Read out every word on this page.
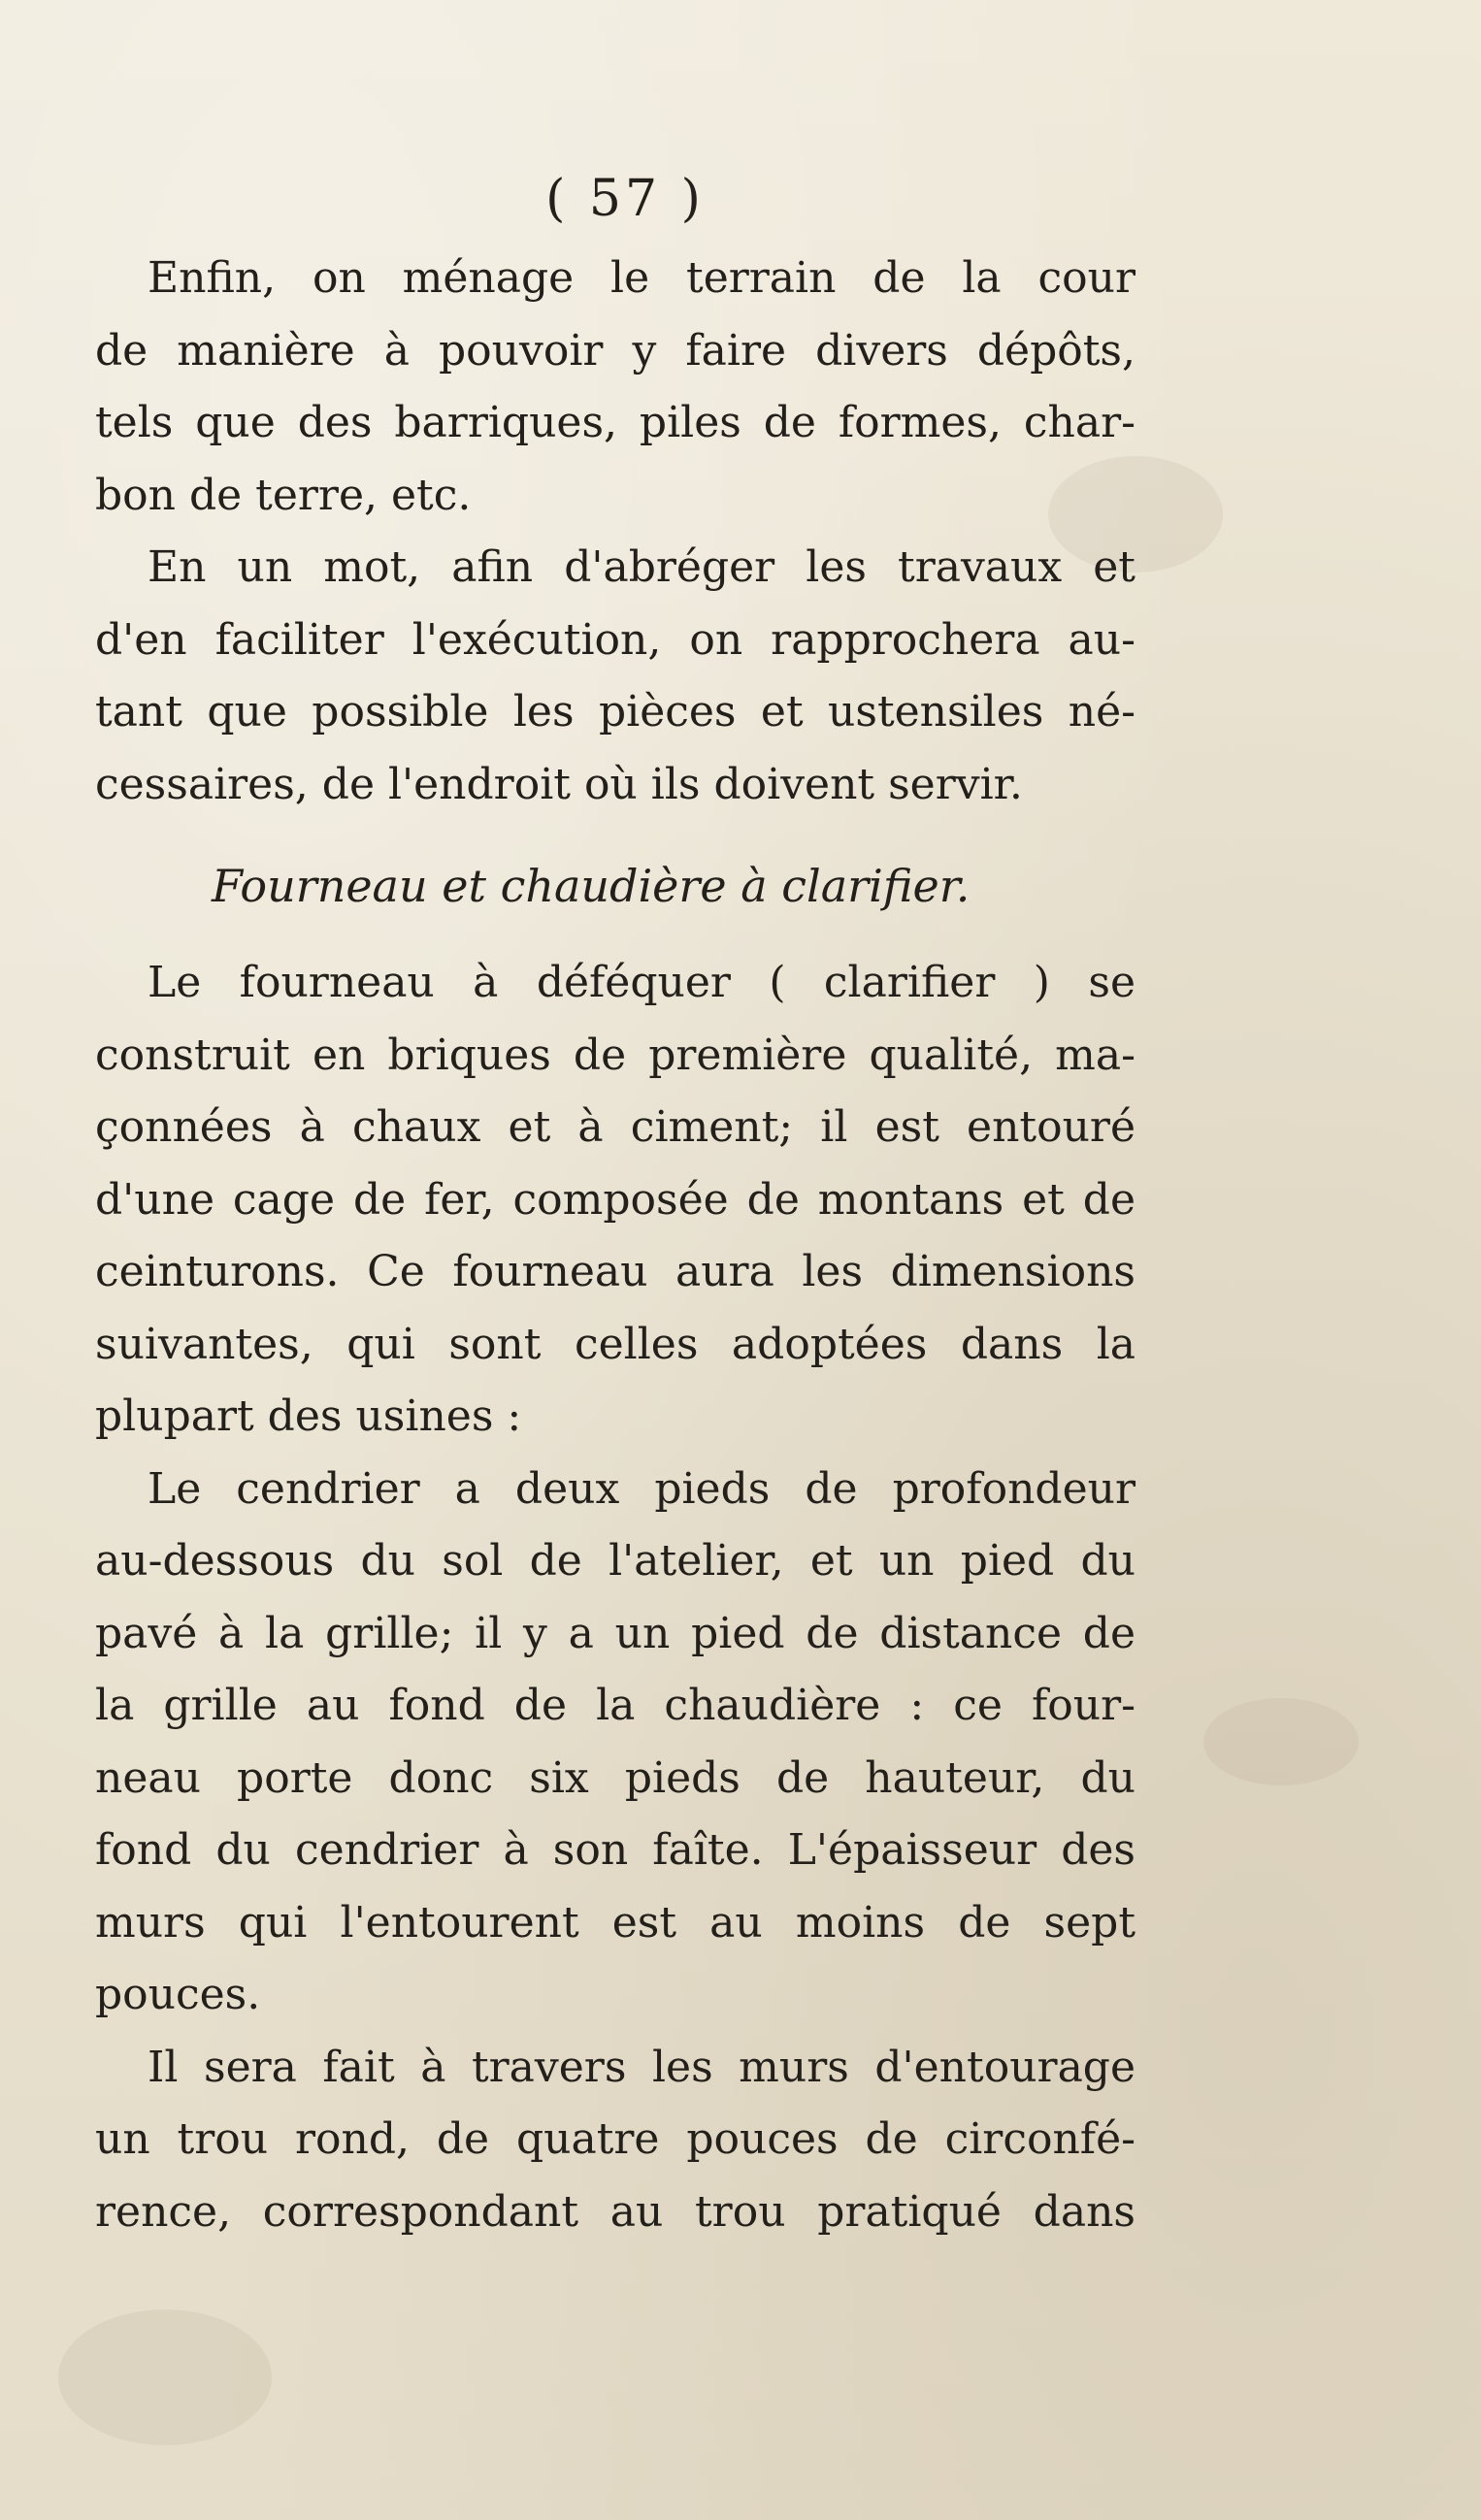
( 57 )
Enfin, on ménage le terrain de la cour
de manière à pouvoir y faire divers dépôts,
tels que des barriques, piles de formes, char-
bon de terre, etc.
En un mot, afin d'abréger les travaux et
d'en faciliter l'exécution, on rapprochera au-
tant que possible les pièces et ustensiles né-
cessaires, de l'endroit où ils doivent servir.
Fourneau et chaudière à clarifier.
Le fourneau à déféquer ( clarifier ) se
construit en briques de première qualité, ma-
çonnées à chaux et à ciment; il est entouré
d'une cage de fer, composée de montans et de
ceinturons. Ce fourneau aura les dimensions
suivantes, qui sont celles adoptées dans la
plupart des usines :
Le cendrier a deux pieds de profondeur
au-dessous du sol de l'atelier, et un pied du
pavé à la grille; il y a un pied de distance de
la grille au fond de la chaudière : ce four-
neau porte donc six pieds de hauteur, du
fond du cendrier à son faîte. L'épaisseur des
murs qui l'entourent est au moins de sept
pouces.
Il sera fait à travers les murs d'entourage
un trou rond, de quatre pouces de circonfé-
rence, correspondant au trou pratiqué dans
